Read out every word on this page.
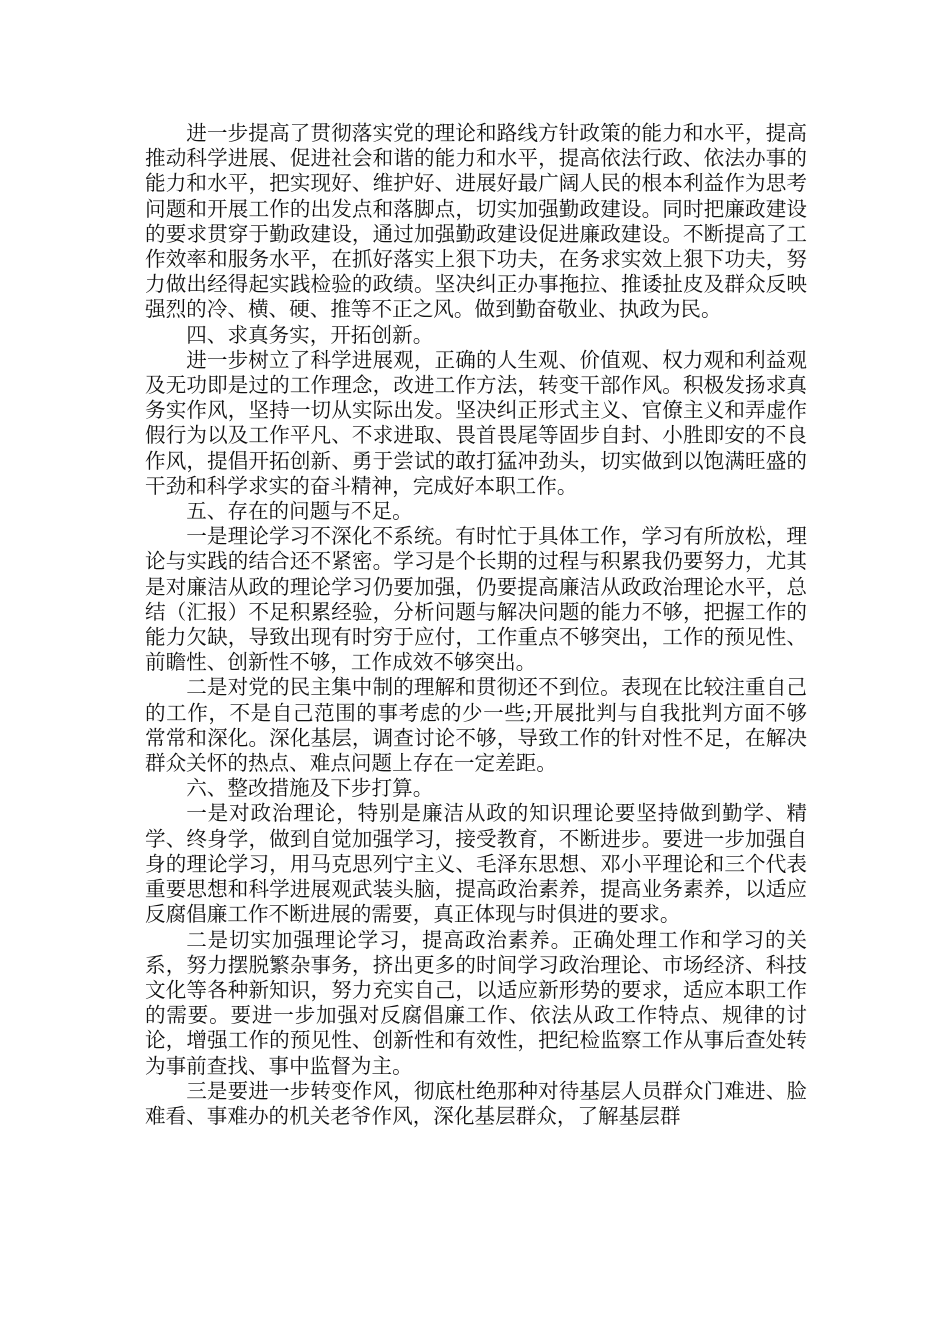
进一步提高了贯彻落实党的理论和路线方针政策的能力和水平，提高推动科学进展、促进社会和谐的能力和水平，提高依法行政、依法办事的能力和水平，把实现好、维护好、进展好最广阔人民的根本利益作为思考问题和开展工作的出发点和落脚点，切实加强勤政建设。同时把廉政建设的要求贯穿于勤政建设，通过加强勤政建设促进廉政建设。不断提高了工作效率和服务水平，在抓好落实上狠下功夫，在务求实效上狠下功夫，努力做出经得起实践检验的政绩。坚决纠正办事拖拉、推诿扯皮及群众反映强烈的冷、横、硬、推等不正之风。做到勤奋敬业、执政为民。

四、求真务实，开拓创新。

进一步树立了科学进展观，正确的人生观、价值观、权力观和利益观及无功即是过的工作理念，改进工作方法，转变干部作风。积极发扬求真务实作风，坚持一切从实际出发。坚决纠正形式主义、官僚主义和弄虚作假行为以及工作平凡、不求进取、畏首畏尾等固步自封、小胜即安的不良作风，提倡开拓创新、勇于尝试的敢打猛冲劲头，切实做到以饱满旺盛的干劲和科学求实的奋斗精神，完成好本职工作。

五、存在的问题与不足。

一是理论学习不深化不系统。有时忙于具体工作，学习有所放松，理论与实践的结合还不紧密。学习是个长期的过程与积累我仍要努力，尤其是对廉洁从政的理论学习仍要加强，仍要提高廉洁从政政治理论水平，总结（汇报）不足积累经验，分析问题与解决问题的能力不够，把握工作的能力欠缺，导致出现有时穷于应付，工作重点不够突出，工作的预见性、前瞻性、创新性不够，工作成效不够突出。

二是对党的民主集中制的理解和贯彻还不到位。表现在比较注重自己的工作，不是自己范围的事考虑的少一些;开展批判与自我批判方面不够常常和深化。深化基层，调查讨论不够，导致工作的针对性不足，在解决群众关怀的热点、难点问题上存在一定差距。

六、整改措施及下步打算。

一是对政治理论，特别是廉洁从政的知识理论要坚持做到勤学、精学、终身学，做到自觉加强学习，接受教育，不断进步。要进一步加强自身的理论学习，用马克思列宁主义、毛泽东思想、邓小平理论和三个代表重要思想和科学进展观武装头脑，提高政治素养，提高业务素养，以适应反腐倡廉工作不断进展的需要，真正体现与时俱进的要求。

二是切实加强理论学习，提高政治素养。正确处理工作和学习的关系，努力摆脱繁杂事务，挤出更多的时间学习政治理论、市场经济、科技文化等各种新知识，努力充实自己，以适应新形势的要求，适应本职工作的需要。要进一步加强对反腐倡廉工作、依法从政工作特点、规律的讨论，增强工作的预见性、创新性和有效性，把纪检监察工作从事后查处转为事前查找、事中监督为主。

三是要进一步转变作风，彻底杜绝那种对待基层人员群众门难进、脸难看、事难办的机关老爷作风，深化基层群众，了解基层群
